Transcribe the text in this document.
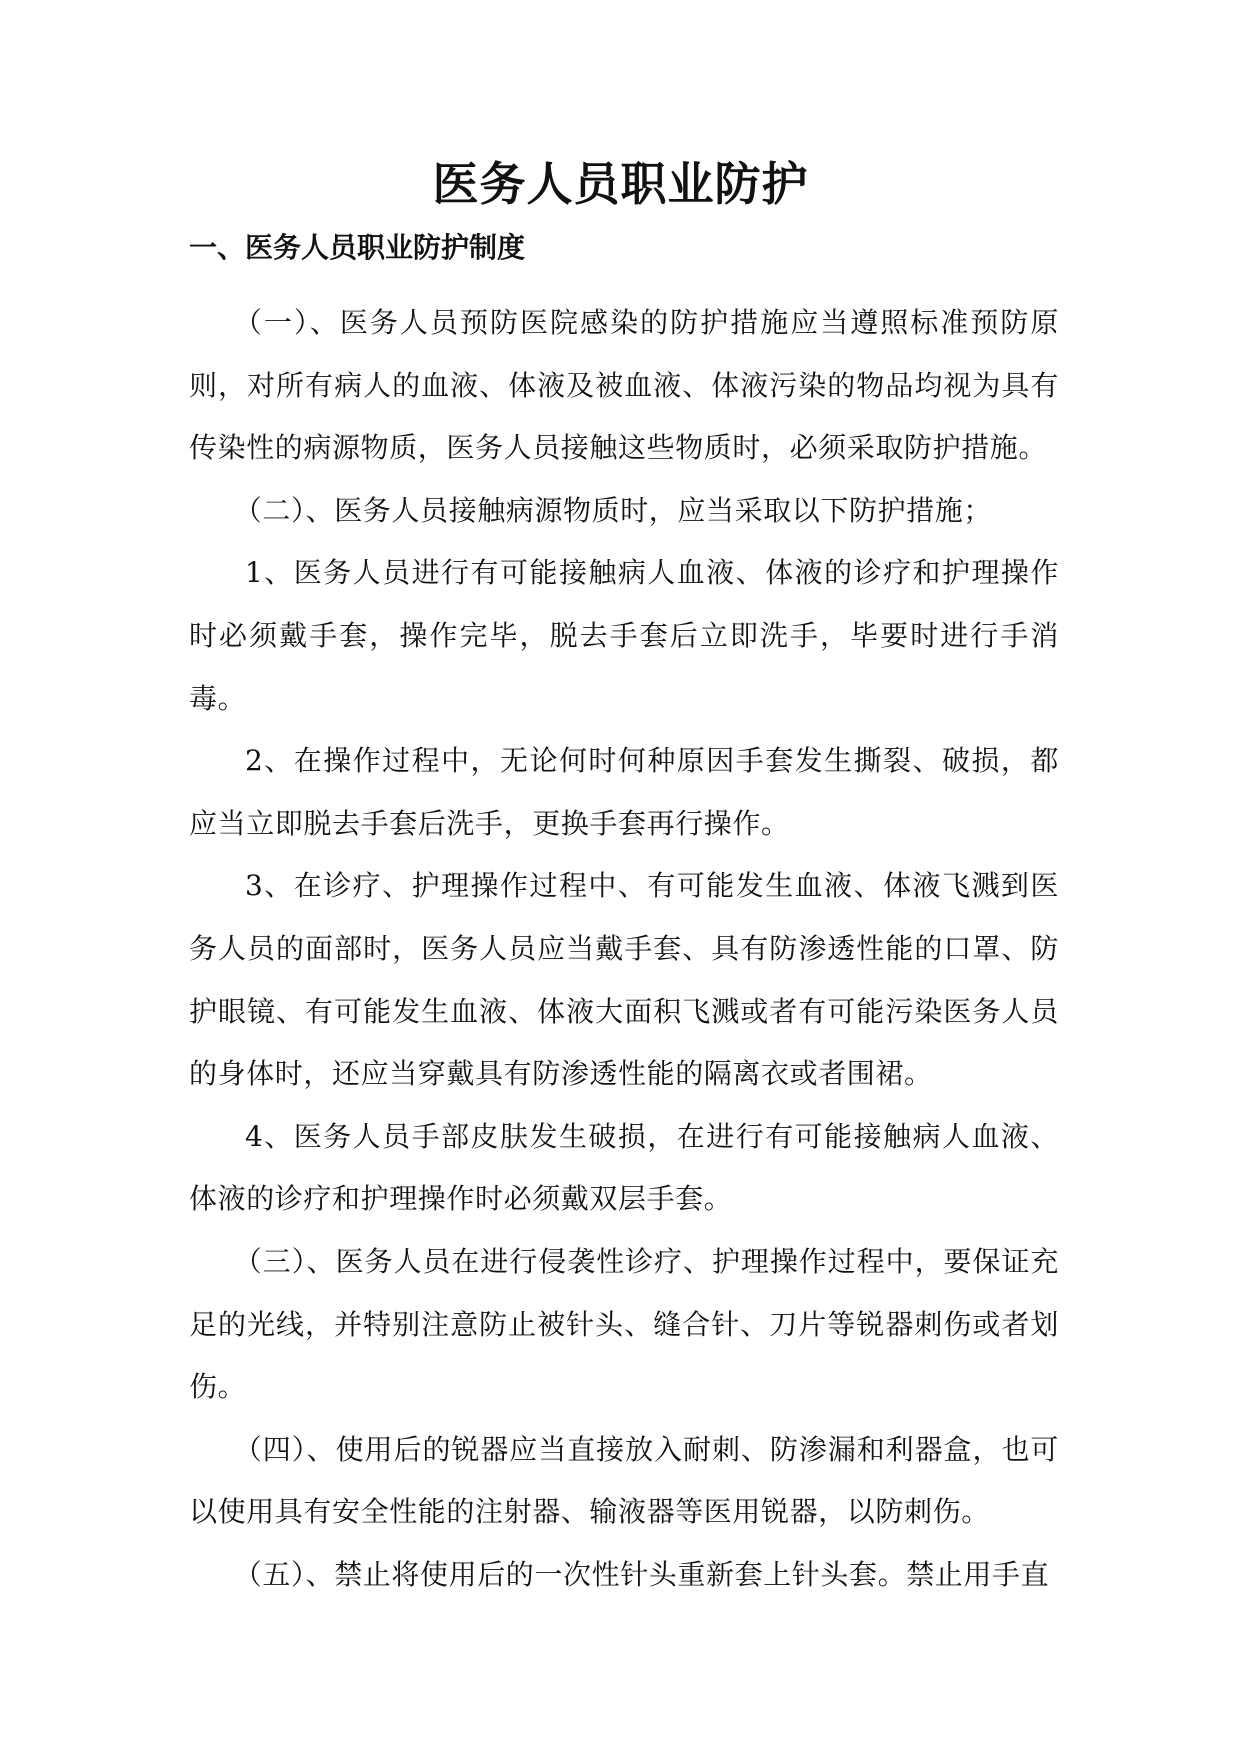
医务人员职业防护
一、医务人员职业防护制度

（一）、医务人员预防医院感染的防护措施应当遵照标准预防原则，对所有病人的血液、体液及被血液、体液污染的物品均视为具有传染性的病源物质，医务人员接触这些物质时，必须采取防护措施。

（二）、医务人员接触病源物质时，应当采取以下防护措施；

1、医务人员进行有可能接触病人血液、体液的诊疗和护理操作时必须戴手套，操作完毕，脱去手套后立即洗手，毕要时进行手消毒。

2、在操作过程中，无论何时何种原因手套发生撕裂、破损，都应当立即脱去手套后洗手，更换手套再行操作。

3、在诊疗、护理操作过程中、有可能发生血液、体液飞溅到医务人员的面部时，医务人员应当戴手套、具有防渗透性能的口罩、防护眼镜、有可能发生血液、体液大面积飞溅或者有可能污染医务人员的身体时，还应当穿戴具有防渗透性能的隔离衣或者围裙。

4、医务人员手部皮肤发生破损，在进行有可能接触病人血液、体液的诊疗和护理操作时必须戴双层手套。

（三）、医务人员在进行侵袭性诊疗、护理操作过程中，要保证充足的光线，并特别注意防止被针头、缝合针、刀片等锐器刺伤或者划伤。

（四）、使用后的锐器应当直接放入耐刺、防渗漏和利器盒，也可以使用具有安全性能的注射器、输液器等医用锐器，以防刺伤。

（五）、禁止将使用后的一次性针头重新套上针头套。禁止用手直
